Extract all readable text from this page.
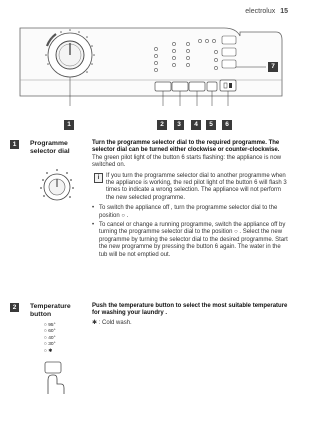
electrolux 15
1	2	3	4	5	6
7
1	Programme selector dial

Turn the programme selector dial to the required programme. The selector dial can be turned either clockwise or counter-clockwise. The green pilot light of the button 6 starts flashing: the appliance is now switched on.

i	If you turn the programme selector dial to another programme when the appliance is working, the red pilot light of the button 6 will flash 3 times to indicate a wrong selection. The appliance will not perform the new selected programme.
• To switch the appliance off , turn the programme selector dial to the position ○ .
• To cancel or change a running programme, switch the appliance off by turning the programme selector dial to the position ○ . Select the new programme by turning the selector dial to the desired programme. Start the new programme by pressing the button 6 again. The water in the tub will be not emptied out.
2	Temperature button
○ 95°
○ 60°
○ 40°
○ 30°
○ ✱

Push the temperature button to select the most suitable temperature for washing your laundry .

✱ : Cold wash.
